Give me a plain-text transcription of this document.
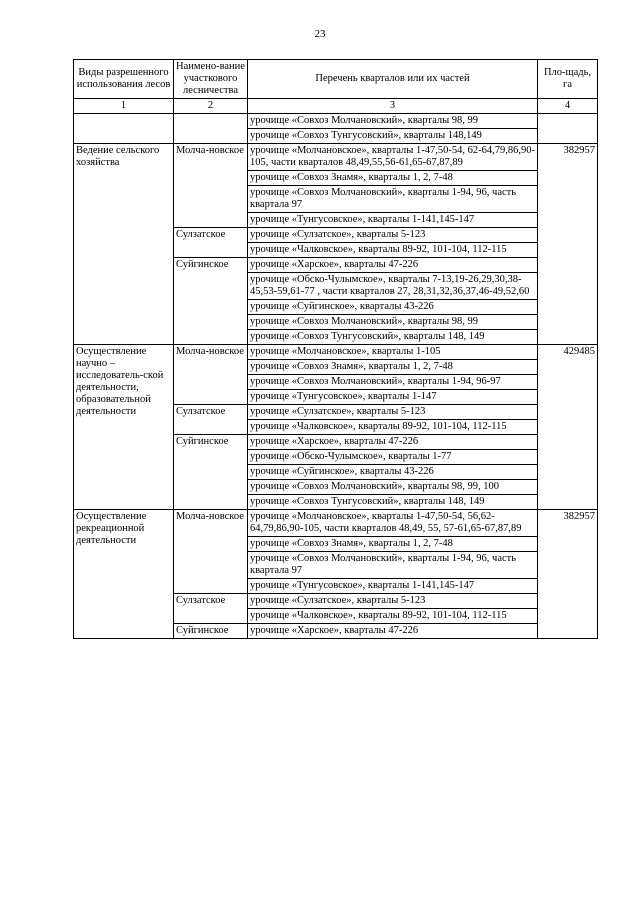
23
Виды разрешенного использования лесов	Наимено-вание участкового лесничества	Перечень кварталов или их частей	Пло-щадь, га
1	2	3	4
		урочище «Совхоз Молчановский», кварталы 98, 99	
		урочище «Совхоз Тунгусовский», кварталы 148,149	
Ведение сельского хозяйства	Молча-новское	урочище «Молчановское», кварталы 1-47,50-54, 62-64,79,86,90-105, части кварталов 48,49,55,56-61,65-67,87,89	382957
		урочище «Совхоз Знамя», кварталы 1, 2, 7-48	
		урочище «Совхоз Молчановский», кварталы 1-94, 96, часть квартала 97	
		урочище «Тунгусовское», кварталы 1-141,145-147	
	Сулзатское	урочище «Сулзатское», кварталы 5-123	
		урочище «Чалковское», кварталы 89-92, 101-104, 112-115	
	Суйгинское	урочище «Харское», кварталы 47-226	
		урочище «Обско-Чулымское», кварталы 7-13,19-26,29,30,38-45,53-59,61-77 , части кварталов 27, 28,31,32,36,37,46-49,52,60	
		урочище «Суйгинское», кварталы 43-226	
		урочище «Совхоз Молчановский», кварталы 98, 99	
		урочище «Совхоз Тунгусовский», кварталы 148, 149	
Осуществление научно – исследователь-ской деятельности, образовательной деятельности	Молча-новское	урочище «Молчановское», кварталы 1-105	429485
		урочище «Совхоз Знамя», кварталы 1, 2, 7-48	
		урочище «Совхоз Молчановский», кварталы 1-94, 96-97	
		урочище «Тунгусовское», кварталы 1-147	
	Сулзатское	урочище «Сулзатское», кварталы 5-123	
		урочище «Чалковское», кварталы 89-92, 101-104, 112-115	
	Суйгинское	урочище «Харское», кварталы 47-226	
		урочище «Обско-Чулымское», кварталы 1-77	
		урочище «Суйгинское», кварталы 43-226	
		урочище «Совхоз Молчановский», кварталы 98, 99, 100	
		урочище «Совхоз Тунгусовский», кварталы 148, 149	
Осуществление рекреационной деятельности	Молча-новское	урочище «Молчановское», кварталы 1-47,50-54, 56,62-64,79,86,90-105, части кварталов 48,49, 55, 57-61,65-67,87,89	382957
		урочище «Совхоз Знамя», кварталы 1, 2, 7-48	
		урочище «Совхоз Молчановский», кварталы 1-94, 96, часть квартала 97	
		урочище «Тунгусовское», кварталы 1-141,145-147	
	Сулзатское	урочище «Сулзатское», кварталы 5-123	
		урочище «Чалковское», кварталы 89-92, 101-104, 112-115	
	Суйгинское	урочище «Харское», кварталы 47-226	
